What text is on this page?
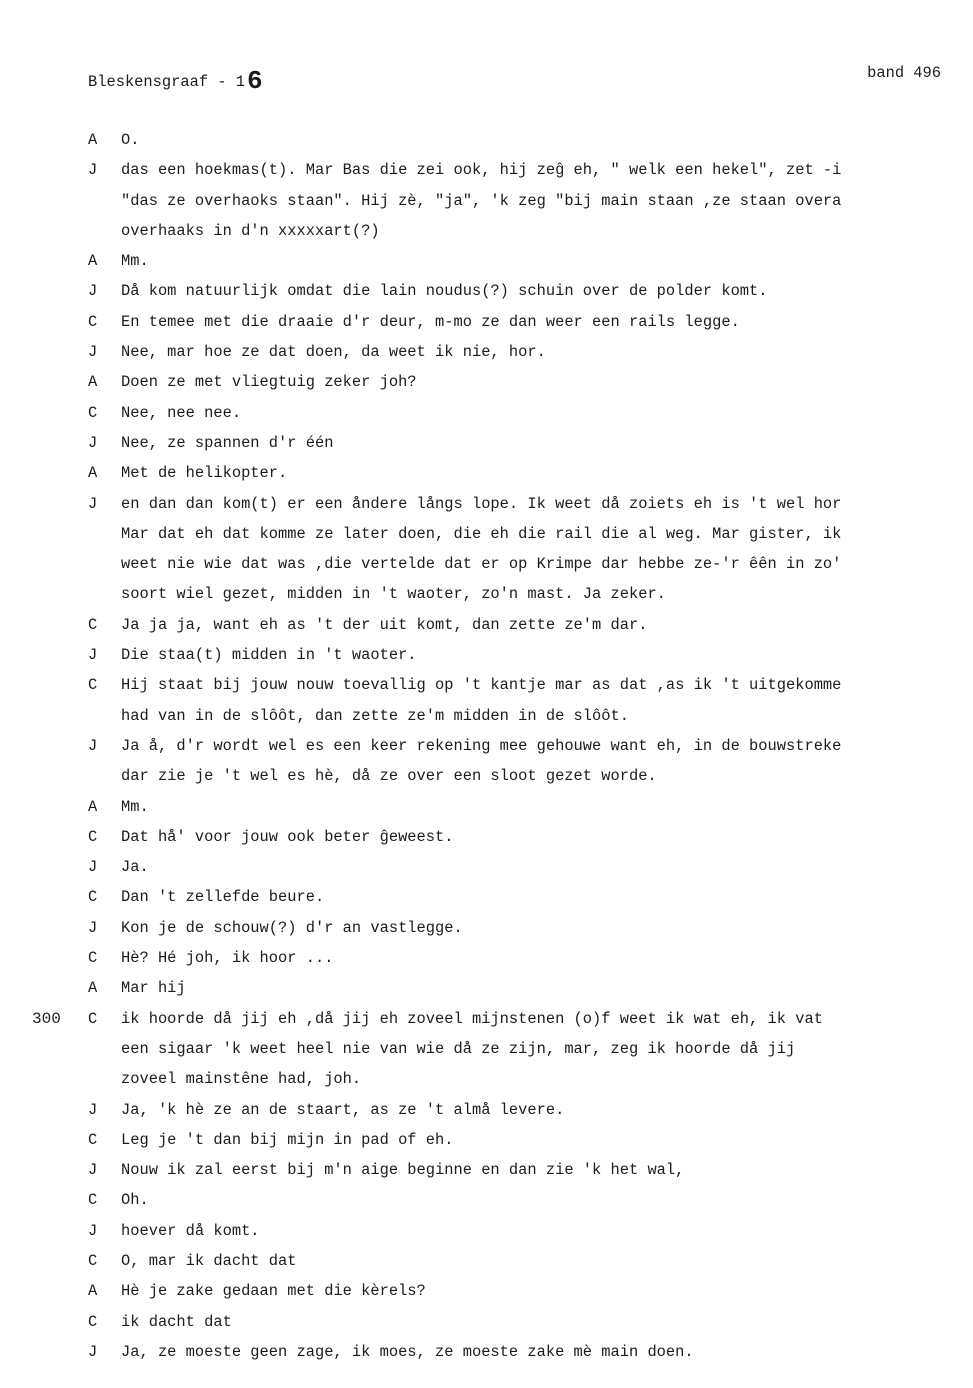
Bleskensgraaf - 16	band 496
A O.
J das een hoekmas(t). Mar Bas die zei ook, hij zeĝ eh, " welk een hekel", zet -i
"das ze overhaoks staan". Hij zè, "ja", 'k zeg "bij main staan ,ze staan overa
overhaaks in d'n xxxxxart(?)
A Mm.
J Då kom natuurlijk omdat die lain noudus(?) schuin over de polder komt.
C En temee met die draaie d'r deur, m-mo ze dan weer een rails legge.
J Nee, mar hoe ze dat doen, da weet ik nie, hor.
A Doen ze met vliegtuig zeker joh?
C Nee, nee nee.
J Nee, ze spannen d'r één
A Met de helikopter.
J en dan dan kom(t) er een åndere långs lope. Ik weet då zoiets eh is 't wel hor
Mar dat eh dat komme ze later doen, die eh die rail die al weg. Mar gister, ik
weet nie wie dat was ,die vertelde dat er op Krimpe dar hebbe ze-'r êên in zo'
soort wiel gezet, midden in 't waoter, zo'n mast. Ja zeker.
C Ja ja ja, want eh as 't der uit komt, dan zette ze'm dar.
J Die staa(t) midden in 't waoter.
C Hij staat bij jouw nouw toevallig op 't kantje mar as dat ,as ik 't uitgekomme
had van in de slôôt, dan zette ze'm midden in de slôôt.
J Ja å, d'r wordt wel es een keer rekening mee gehouwe want eh, in de bouwstreke
dar zie je 't wel es hè, då ze over een sloot gezet worde.
A Mm.
C Dat hå' voor jouw ook beter ĝeweest.
J Ja.
C Dan 't zellefde beure.
J Kon je de schouw(?) d'r an vastlegge.
C Hè? Hé joh, ik hoor ...
A Mar hij
300 C ik hoorde då jij eh ,då jij eh zoveel mijnstenen (o)f weet ik wat eh, ik vat
een sigaar 'k weet heel nie van wie då ze zijn, mar, zeg ik hoorde då jij
zoveel mainstêne had, joh.
J Ja, 'k hè ze an de staart, as ze 't almå levere.
C Leg je 't dan bij mijn in pad of eh.
J Nouw ik zal eerst bij m'n aige beginne en dan zie 'k het wal,
C Oh.
J hoever då komt.
C O, mar ik dacht dat
A Hè je zake gedaan met die kèrels?
C ik dacht dat
J Ja, ze moeste geen zage, ik moes, ze moeste zake mè main doen.
